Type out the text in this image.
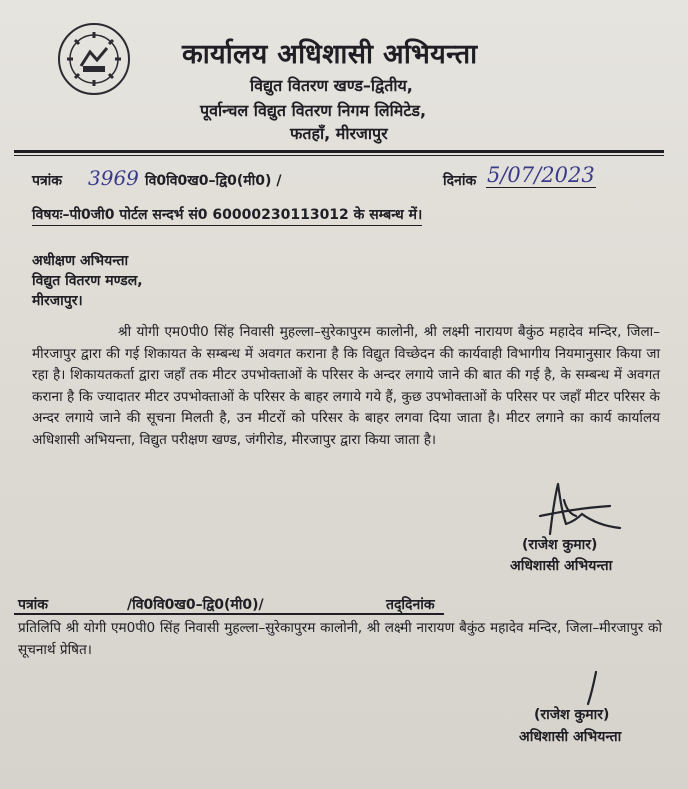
कार्यालय अधिशासी अभियन्ता
विद्युत वितरण खण्ड–द्वितीय,
पूर्वान्चल विद्युत वितरण निगम लिमिटेड,
फतहाँ, मीरजापुर
पत्रांक 3969 वि0वि0ख0–द्वि0(मी0) /	दिनांक 5/07/2023
विषयः–पी0जी0 पोर्टल सन्दर्भ सं0 60000230113012 के सम्बन्ध में।
अधीक्षण अभियन्ता
विद्युत वितरण मण्डल,
मीरजापुर।
श्री योगी एम0पी0 सिंह निवासी मुहल्ला–सुरेकापुरम कालोनी, श्री लक्ष्मी नारायण बैकुंठ महादेव मन्दिर, जिला–मीरजापुर द्वारा की गई शिकायत के सम्बन्ध में अवगत कराना है कि विद्युत विच्छेदन की कार्यवाही विभागीय नियमानुसार किया जा रहा है। शिकायतकर्ता द्वारा जहाँ तक मीटर उपभोक्ताओं के परिसर के अन्दर लगाये जाने की बात की गई है, के सम्बन्ध में अवगत कराना है कि ज्यादातर मीटर उपभोक्ताओं के परिसर के बाहर लगाये गये हैं, कुछ उपभोक्ताओं के परिसर पर जहाँ मीटर परिसर के अन्दर लगाये जाने की सूचना मिलती है, उन मीटरों को परिसर के बाहर लगवा दिया जाता है। मीटर लगाने का कार्य कार्यालय अधिशासी अभियन्ता, विद्युत परीक्षण खण्ड, जंगीरोड, मीरजापुर द्वारा किया जाता है।
(राजेश कुमार)
अधिशासी अभियन्ता
पत्रांक	/वि0वि0ख0–द्वि0(मी0)/	तद्‌दिनांक
प्रतिलिपि श्री योगी एम0पी0 सिंह निवासी मुहल्ला–सुरेकापुरम कालोनी, श्री लक्ष्मी नारायण बैकुंठ महादेव मन्दिर, जिला–मीरजापुर को सूचनार्थ प्रेषित।
(राजेश कुमार)
अधिशासी अभियन्ता
